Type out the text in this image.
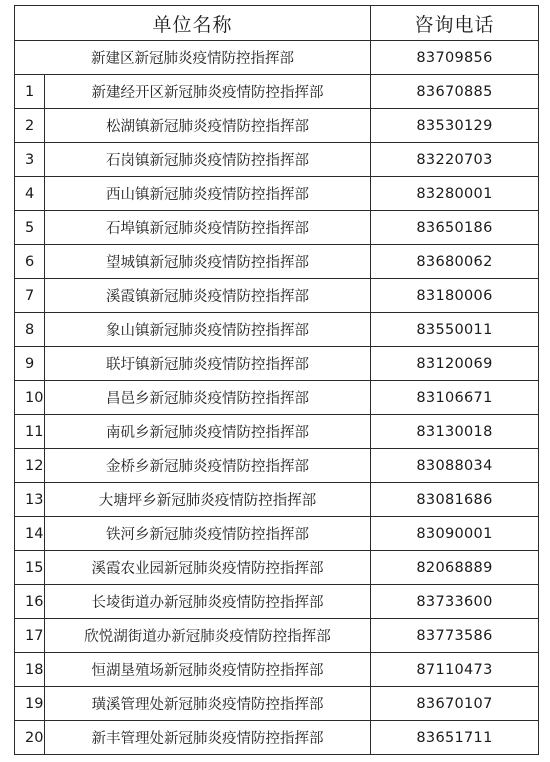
单位名称		咨询电话
新建区新冠肺炎疫情防控指挥部		83709856
1	新建经开区新冠肺炎疫情防控指挥部	83670885
2	松湖镇新冠肺炎疫情防控指挥部	83530129
3	石岗镇新冠肺炎疫情防控指挥部	83220703
4	西山镇新冠肺炎疫情防控指挥部	83280001
5	石埠镇新冠肺炎疫情防控指挥部	83650186
6	望城镇新冠肺炎疫情防控指挥部	83680062
7	溪霞镇新冠肺炎疫情防控指挥部	83180006
8	象山镇新冠肺炎疫情防控指挥部	83550011
9	联圩镇新冠肺炎疫情防控指挥部	83120069
10	昌邑乡新冠肺炎疫情防控指挥部	83106671
11	南矶乡新冠肺炎疫情防控指挥部	83130018
12	金桥乡新冠肺炎疫情防控指挥部	83088034
13	大塘坪乡新冠肺炎疫情防控指挥部	83081686
14	铁河乡新冠肺炎疫情防控指挥部	83090001
15	溪霞农业园新冠肺炎疫情防控指挥部	82068889
16	长堎街道办新冠肺炎疫情防控指挥部	83733600
17	欣悦湖街道办新冠肺炎疫情防控指挥部	83773586
18	恒湖垦殖场新冠肺炎疫情防控指挥部	87110473
19	璜溪管理处新冠肺炎疫情防控指挥部	83670107
20	新丰管理处新冠肺炎疫情防控指挥部	83651711
